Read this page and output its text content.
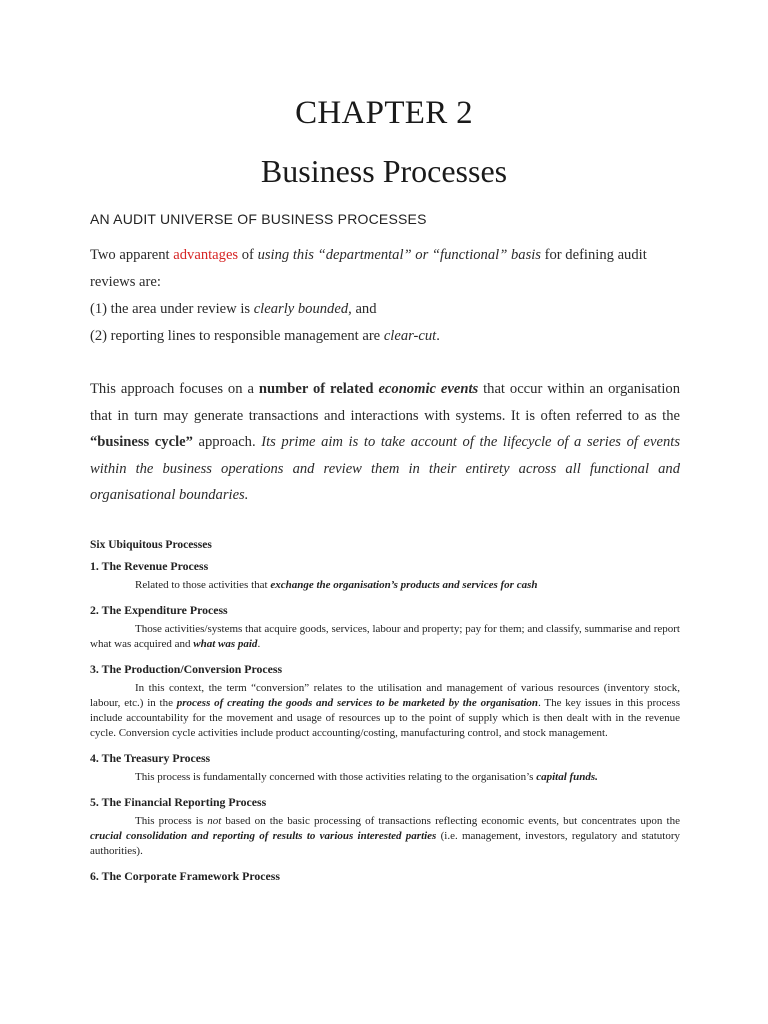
CHAPTER 2
Business Processes
AN AUDIT UNIVERSE OF BUSINESS PROCESSES

Two apparent advantages of using this “departmental” or “functional” basis for defining audit reviews are:

(1) the area under review is clearly bounded, and

(2) reporting lines to responsible management are clear-cut.

This approach focuses on a number of related economic events that occur within an organisation that in turn may generate transactions and interactions with systems. It is often referred to as the “business cycle” approach. Its prime aim is to take account of the lifecycle of a series of events within the business operations and review them in their entirety across all functional and organisational boundaries.

Six Ubiquitous Processes
1. The Revenue Process

Related to those activities that exchange the organisation’s products and services for cash

2. The Expenditure Process

Those activities/systems that acquire goods, services, labour and property; pay for them; and classify, summarise and report what was acquired and what was paid.

3. The Production/Conversion Process

In this context, the term “conversion” relates to the utilisation and management of various resources (inventory stock, labour, etc.) in the process of creating the goods and services to be marketed by the organisation. The key issues in this process include accountability for the movement and usage of resources up to the point of supply which is then dealt with in the revenue cycle. Conversion cycle activities include product accounting/costing, manufacturing control, and stock management.

4. The Treasury Process

This process is fundamentally concerned with those activities relating to the organisation’s capital funds.

5. The Financial Reporting Process

This process is not based on the basic processing of transactions reflecting economic events, but concentrates upon the crucial consolidation and reporting of results to various interested parties (i.e. management, investors, regulatory and statutory authorities).

6. The Corporate Framework Process
